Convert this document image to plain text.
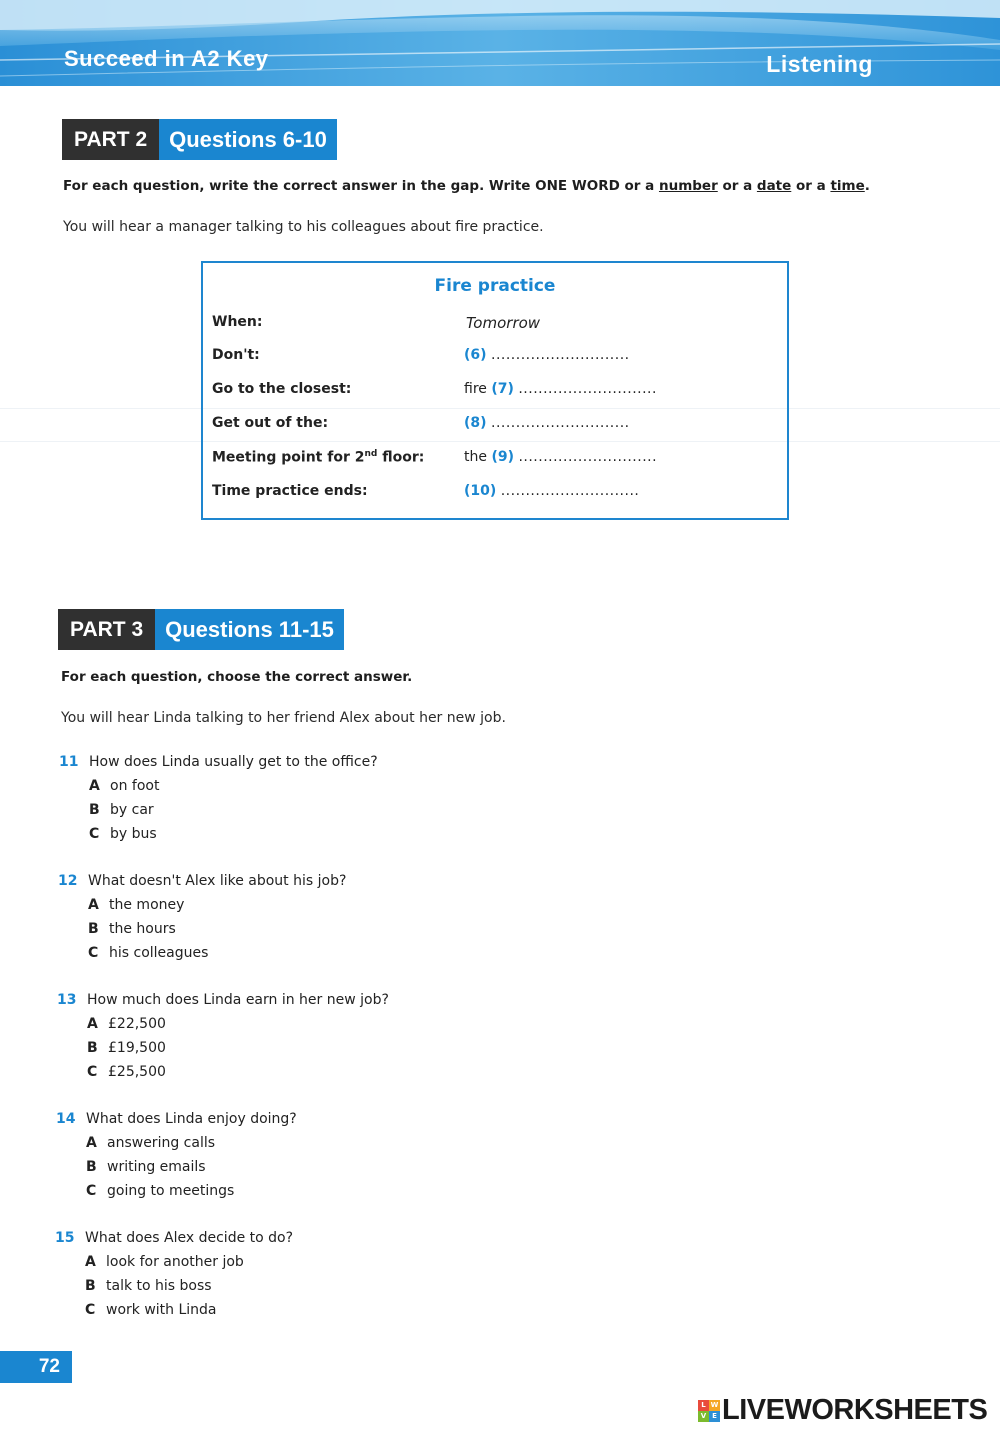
Succeed in A2 Key	Listening
PART 2	Questions 6-10
For each question, write the correct answer in the gap. Write ONE WORD or a number or a date or a time.
You will hear a manager talking to his colleagues about fire practice.
Fire practice
When:	Tomorrow
Don't:	(6) ............................
Go to the closest:	fire (7) ............................
Get out of the:	(8) ............................
Meeting point for 2nd floor:	the (9) ............................
Time practice ends:	(10) ............................
PART 3	Questions 11-15
For each question, choose the correct answer.
You will hear Linda talking to her friend Alex about her new job.
11 How does Linda usually get to the office?
A on foot
B by car
C by bus
12 What doesn't Alex like about his job?
A the money
B the hours
C his colleagues
13 How much does Linda earn in her new job?
A £22,500
B £19,500
C £25,500
14 What does Linda enjoy doing?
A answering calls
B writing emails
C going to meetings
15 What does Alex decide to do?
A look for another job
B talk to his boss
C work with Linda
72
L W
V E LIVEWORKSHEETS
